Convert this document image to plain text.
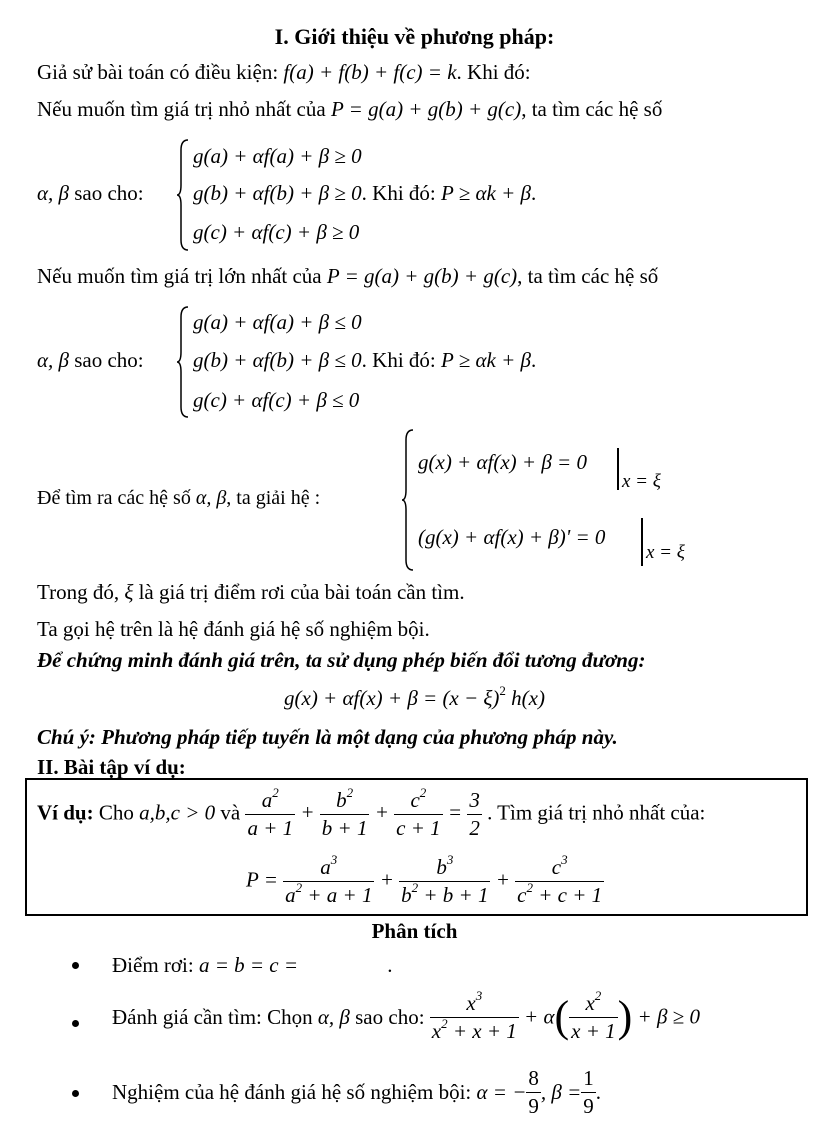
I. Giới thiệu về phương pháp:
Giả sử bài toán có điều kiện: f(a) + f(b) + f(c) = k. Khi đó:
Nếu muốn tìm giá trị nhỏ nhất của P = g(a) + g(b) + g(c), ta tìm các hệ số
g(a) + αf(a) + β ≥ 0
α, β sao cho: g(b) + αf(b) + β ≥ 0. Khi đó: P ≥ αk + β.
g(c) + αf(c) + β ≥ 0
Nếu muốn tìm giá trị lớn nhất của P = g(a) + g(b) + g(c), ta tìm các hệ số
g(a) + αf(a) + β ≤ 0
α, β sao cho: g(b) + αf(b) + β ≤ 0. Khi đó: P ≥ αk + β.
g(c) + αf(c) + β ≤ 0
Để tìm ra các hệ số α, β, ta giải hệ :
g(x) + αf(x) + β = 0
x = ξ
(g(x) + αf(x) + β)' = 0
x = ξ
Trong đó, ξ là giá trị điểm rơi của bài toán cần tìm.
Ta gọi hệ trên là hệ đánh giá hệ số nghiệm bội.
Để chứng minh đánh giá trên, ta sử dụng phép biến đổi tương đương:
$g(x) + \alpha f(x) + \beta = (x - \xi)^2$ h(x)
Chú ý: Phương pháp tiếp tuyến là một dạng của phương pháp này.
II. Bài tập ví dụ:
Ví dụ: Cho a,b,c > 0 và $\frac{a^2}{a + 1} + \frac{b^2}{b + 1} + \frac{c^2}{c + 1} = \frac{3}{2}$ . Tìm giá trị nhỏ nhất của:
$P = \frac{a^3}{a^2 + a + 1} + \frac{b^3}{b^2 + b + 1} + \frac{c^3}{c^2 + c + 1}$
Phân tích
Điểm rơi: a = b = c =	.
Đánh giá cần tìm: Chọn α, β sao cho: $\frac{x^3}{x^2 + x + 1} + \alpha( \frac{x^2}{x + 1}$ ) + β ≥ 0
Nghiệm của hệ đánh giá hệ số nghiệm bội: α = − $\frac{8}{9}$ , $\beta = \frac{1}{9}$ .
